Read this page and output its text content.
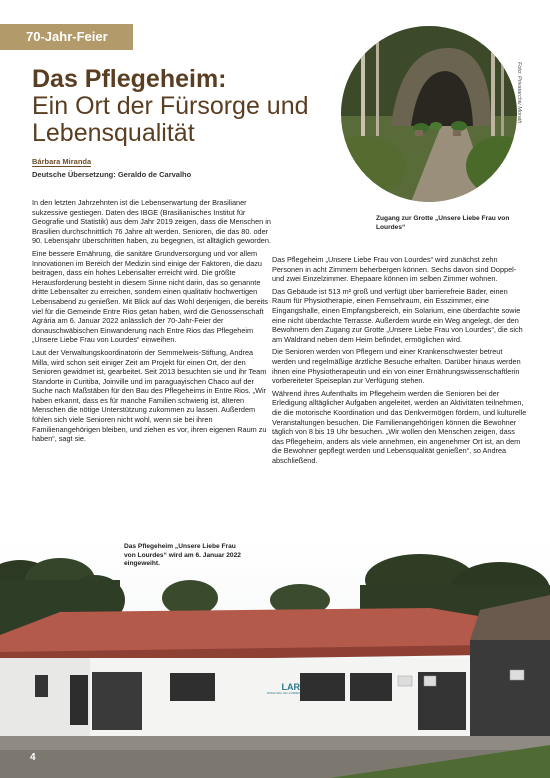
LAR
NOSSA SRA. DE LOURDES
70-Jahr-Feier
Das Pflegeheim:
Ein Ort der Fürsorge und Lebensqualität
Bárbara Miranda
Deutsche Übersetzung: Geraldo de Carvalho
Foto: Privatarchiv Morath
Zugang zur Grotte „Unsere Liebe Frau von Lourdes“
Das Pflegeheim „Unsere Liebe Frau von Lourdes“ wird am 6. Januar 2022 eingeweiht.

In den letzten Jahrzehnten ist die Lebenserwartung der Brasilianer sukzessive gestiegen. Daten des IBGE (Brasilianisches Institut für Geografie und Statistik) aus dem Jahr 2019 zeigen, dass die Menschen in Brasilien durchschnittlich 76 Jahre alt werden. Senioren, die das 80. oder 90. Lebensjahr überschritten haben, zu begegnen, ist alltäglich geworden.

Eine bessere Ernährung, die sanitäre Grundversorgung und vor allem Innovationen im Bereich der Medizin sind einige der Faktoren, die dazu beitragen, dass ein hohes Lebensalter erreicht wird. Die größte Herausforderung besteht in diesem Sinne nicht darin, das so genannte dritte Lebensalter zu erreichen, sondern einen qualitativ hochwertigen Lebensabend zu genießen. Mit Blick auf das Wohl derjenigen, die bereits viel für die Gemeinde Entre Rios getan haben, wird die Genossenschaft Agrária am 6. Januar 2022 anlässlich der 70-Jahr-Feier der donauschwäbischen Einwanderung nach Entre Rios das Pflegeheim „Unsere Liebe Frau von Lourdes“ einweihen.

Laut der Verwaltungskoordinatorin der Semmelweis-Stiftung, Andrea Milla, wird schon seit einiger Zeit am Projekt für einen Ort, der den Senioren gewidmet ist, gearbeitet. Seit 2013 besuchten sie und ihr Team Standorte in Curitiba, Joinville und im paraguayischen Chaco auf der Suche nach Maßstäben für den Bau des Pflegeheims in Entre Rios. „Wir haben erkannt, dass es für manche Familien schwierig ist, älteren Menschen die nötige Unterstützung zukommen zu lassen. Außerdem fühlen sich viele Senioren nicht wohl, wenn sie bei ihren Familienangehörigen bleiben, und ziehen es vor, ihren eigenen Raum zu haben“, sagt sie.

Das Pflegeheim „Unsere Liebe Frau von Lourdes“ wird zunächst zehn Personen in acht Zimmern beherbergen können. Sechs davon sind Doppel- und zwei Einzelzimmer. Ehepaare können im selben Zimmer wohnen.

Das Gebäude ist 513 m² groß und verfügt über barrierefreie Bäder, einen Raum für Physiotherapie, einen Fernsehraum, ein Esszimmer, eine Eingangshalle, einen Empfangsbereich, ein Solarium, eine überdachte sowie eine nicht überdachte Terrasse. Außerdem wurde ein Weg angelegt, der den Bewohnern den Zugang zur Grotte „Unsere Liebe Frau von Lourdes“, die sich am Waldrand neben dem Heim befindet, ermöglichen wird.

Die Senioren werden von Pflegern und einer Krankenschwester betreut werden und regelmäßige ärztliche Besuche erhalten. Darüber hinaus werden ihnen eine Physiotherapeutin und ein von einer Ernährungswissenschaftlerin vorbereiteter Speiseplan zur Verfügung stehen.

Während ihres Aufenthalts im Pflegeheim werden die Senioren bei der Erledigung alltäglicher Aufgaben angeleitet, werden an Aktivitäten teilnehmen, die die motorische Koordination und das Denkvermögen fördern, und kulturelle Veranstaltungen besuchen. Die Familienangehörigen können die Bewohner täglich von 8 bis 19 Uhr besuchen. „Wir wollen den Menschen zeigen, dass das Pflegeheim, anders als viele annehmen, ein angenehmer Ort ist, an dem die Bewohner gepflegt werden und Lebensqualität genießen“, so Andrea abschließend.

4
